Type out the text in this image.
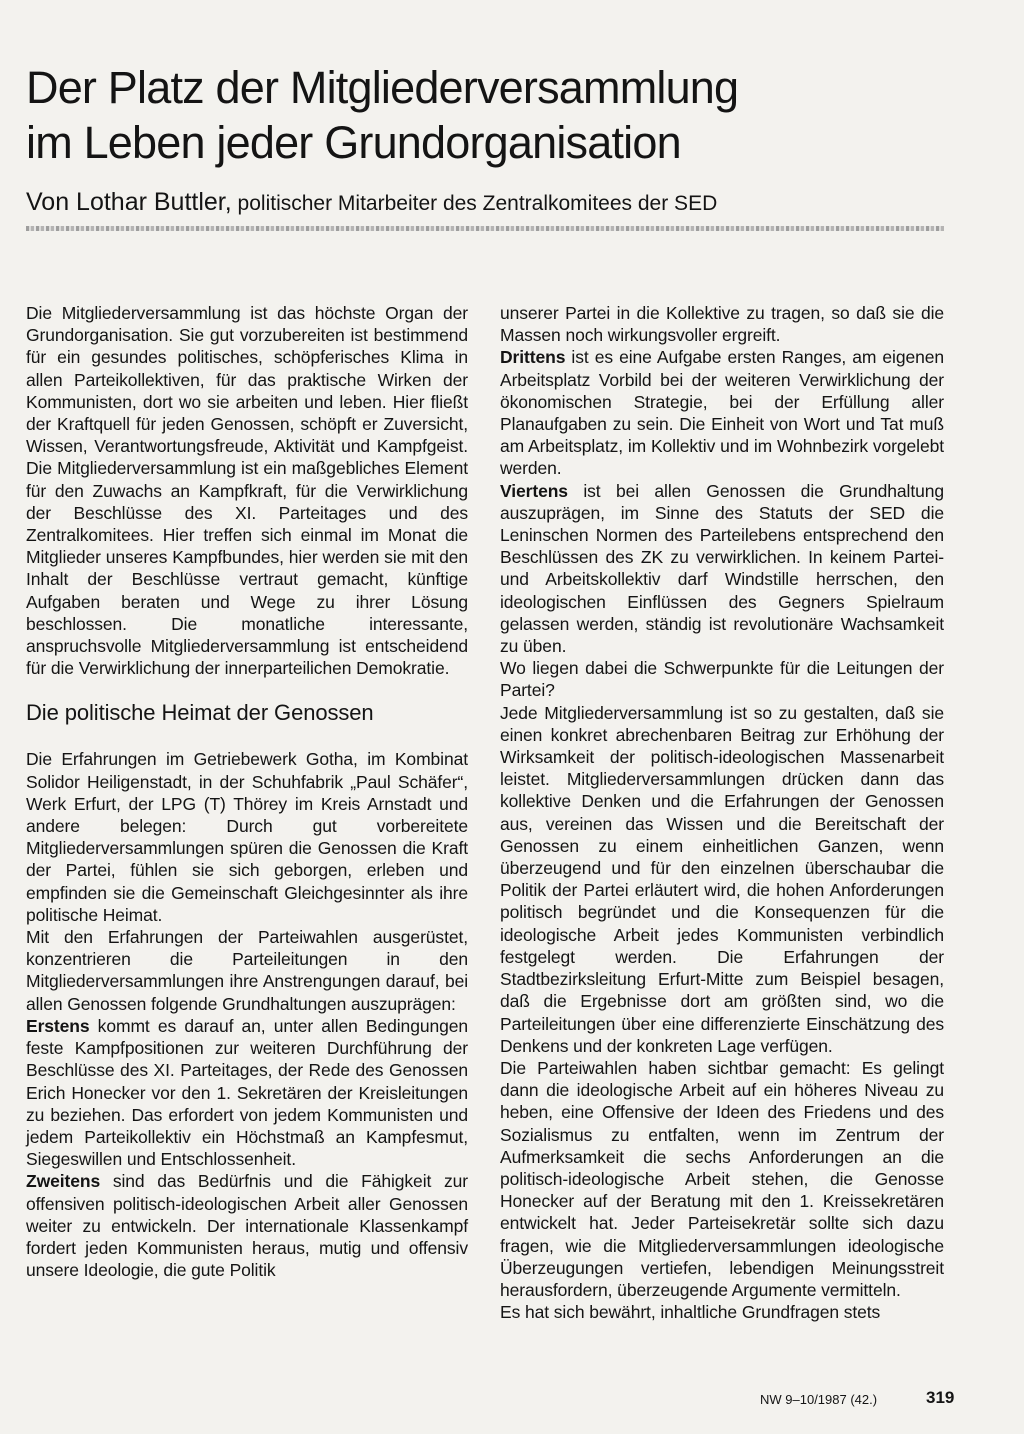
Der Platz der Mitgliederversammlung
im Leben jeder Grundorganisation

Von Lothar Buttler, politischer Mitarbeiter des Zentralkomitees der SED

Die Mitgliederversammlung ist das höchste Organ der Grundorganisation. Sie gut vorzubereiten ist bestimmend für ein gesundes politisches, schöpferisches Klima in allen Parteikollektiven, für das praktische Wirken der Kommunisten, dort wo sie arbeiten und leben. Hier fließt der Kraftquell für jeden Genossen, schöpft er Zuversicht, Wissen, Verantwortungsfreude, Aktivität und Kampfgeist. Die Mitgliederversammlung ist ein maßgebliches Element für den Zuwachs an Kampfkraft, für die Verwirklichung der Beschlüsse des XI. Parteitages und des Zentralkomitees. Hier treffen sich einmal im Monat die Mitglieder unseres Kampfbundes, hier werden sie mit den Inhalt der Beschlüsse vertraut gemacht, künftige Aufgaben beraten und Wege zu ihrer Lösung beschlossen. Die monatliche interessante, anspruchsvolle Mitgliederversammlung ist entscheidend für die Verwirklichung der innerparteilichen Demokratie.

Die politische Heimat der Genossen

Die Erfahrungen im Getriebewerk Gotha, im Kombinat Solidor Heiligenstadt, in der Schuhfabrik „Paul Schäfer“, Werk Erfurt, der LPG (T) Thörey im Kreis Arnstadt und andere belegen: Durch gut vorbereitete Mitgliederversammlungen spüren die Genossen die Kraft der Partei, fühlen sie sich geborgen, erleben und empfinden sie die Gemeinschaft Gleichgesinnter als ihre politische Heimat.

Mit den Erfahrungen der Parteiwahlen ausgerüstet, konzentrieren die Parteileitungen in den Mitgliederversammlungen ihre Anstrengungen darauf, bei allen Genossen folgende Grundhaltungen auszuprägen:

Erstens kommt es darauf an, unter allen Bedingungen feste Kampfpositionen zur weiteren Durchführung der Beschlüsse des XI. Parteitages, der Rede des Genossen Erich Honecker vor den 1. Sekretären der Kreisleitungen zu beziehen. Das erfordert von jedem Kommunisten und jedem Parteikollektiv ein Höchstmaß an Kampfesmut, Siegeswillen und Entschlossenheit.

Zweitens sind das Bedürfnis und die Fähigkeit zur offensiven politisch-ideologischen Arbeit aller Genossen weiter zu entwickeln. Der internationale Klassenkampf fordert jeden Kommunisten heraus, mutig und offensiv unsere Ideologie, die gute Politik

unserer Partei in die Kollektive zu tragen, so daß sie die Massen noch wirkungsvoller ergreift.

Drittens ist es eine Aufgabe ersten Ranges, am eigenen Arbeitsplatz Vorbild bei der weiteren Verwirklichung der ökonomischen Strategie, bei der Erfüllung aller Planaufgaben zu sein. Die Einheit von Wort und Tat muß am Arbeitsplatz, im Kollektiv und im Wohnbezirk vorgelebt werden.

Viertens ist bei allen Genossen die Grundhaltung auszuprägen, im Sinne des Statuts der SED die Leninschen Normen des Parteilebens entsprechend den Beschlüssen des ZK zu verwirklichen. In keinem Partei- und Arbeitskollektiv darf Windstille herrschen, den ideologischen Einflüssen des Gegners Spielraum gelassen werden, ständig ist revolutionäre Wachsamkeit zu üben.

Wo liegen dabei die Schwerpunkte für die Leitungen der Partei?

Jede Mitgliederversammlung ist so zu gestalten, daß sie einen konkret abrechenbaren Beitrag zur Erhöhung der Wirksamkeit der politisch-ideologischen Massenarbeit leistet. Mitgliederversammlungen drücken dann das kollektive Denken und die Erfahrungen der Genossen aus, vereinen das Wissen und die Bereitschaft der Genossen zu einem einheitlichen Ganzen, wenn überzeugend und für den einzelnen überschaubar die Politik der Partei erläutert wird, die hohen Anforderungen politisch begründet und die Konsequenzen für die ideologische Arbeit jedes Kommunisten verbindlich festgelegt werden. Die Erfahrungen der Stadtbezirksleitung Erfurt-Mitte zum Beispiel besagen, daß die Ergebnisse dort am größten sind, wo die Parteileitungen über eine differenzierte Einschätzung des Denkens und der konkreten Lage verfügen.

Die Parteiwahlen haben sichtbar gemacht: Es gelingt dann die ideologische Arbeit auf ein höheres Niveau zu heben, eine Offensive der Ideen des Friedens und des Sozialismus zu entfalten, wenn im Zentrum der Aufmerksamkeit die sechs Anforderungen an die politisch-ideologische Arbeit stehen, die Genosse Honecker auf der Beratung mit den 1. Kreissekretären entwickelt hat. Jeder Parteisekretär sollte sich dazu fragen, wie die Mitgliederversammlungen ideologische Überzeugungen vertiefen, lebendigen Meinungsstreit herausfordern, überzeugende Argumente vermitteln.

Es hat sich bewährt, inhaltliche Grundfragen stets

NW 9–10/1987 (42.)	319
